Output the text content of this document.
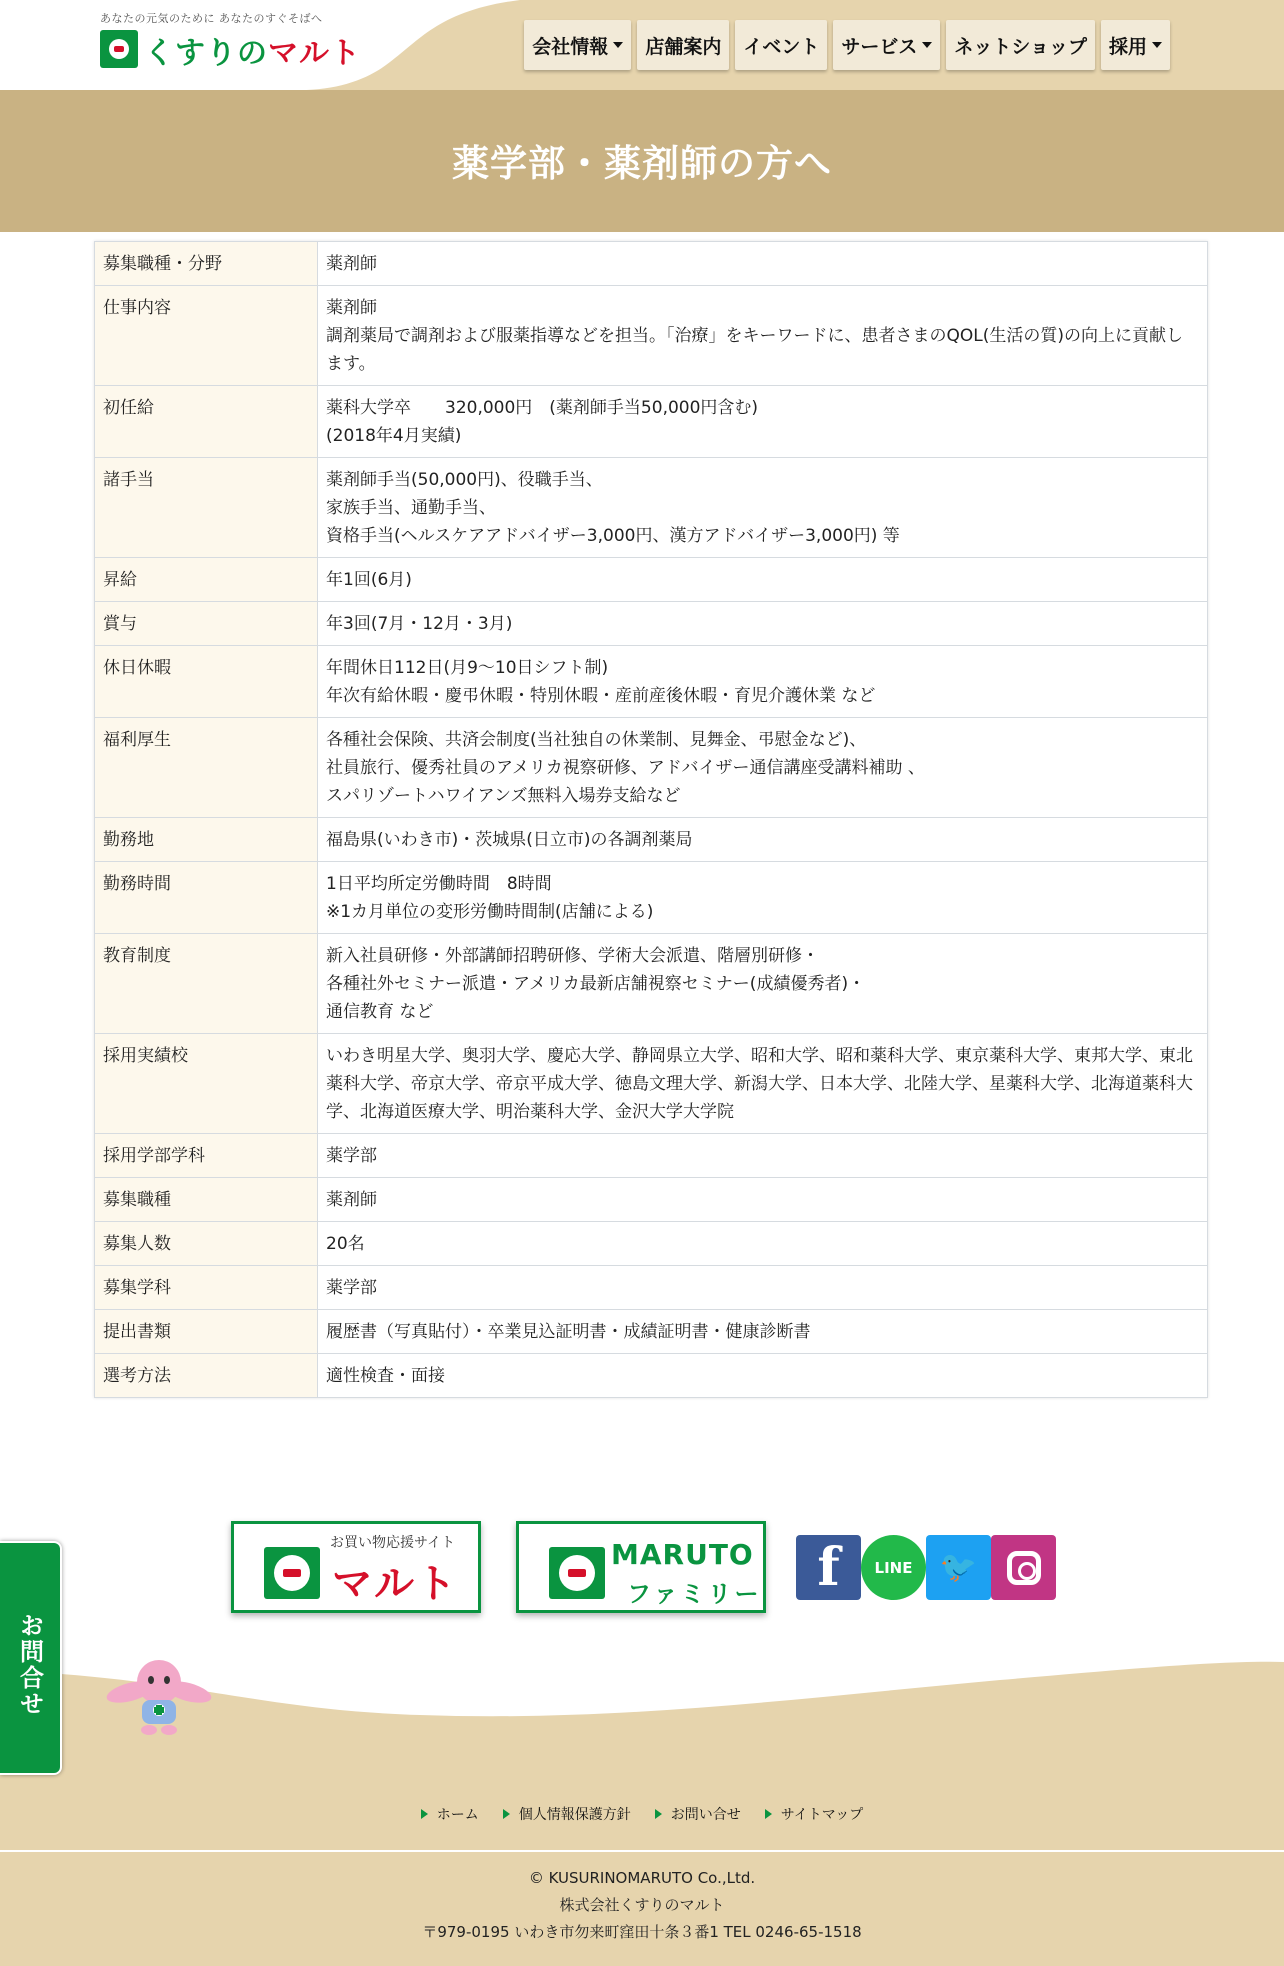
あなたの元気のために あなたのすぐそばへ
くすりのマルト	会社情報 店舗案内 イベント サービス ネットショップ 採用
薬学部・薬剤師の方へ
募集職種・分野	薬剤師
仕事内容	薬剤師
調剤薬局で調剤および服薬指導などを担当。「治療」をキーワードに、患者さまのQOL(生活の質)の向上に貢献します。
初任給	薬科大学卒　　320,000円　(薬剤師手当50,000円含む)
(2018年4月実績)
諸手当	薬剤師手当(50,000円)、役職手当、
家族手当、通勤手当、
資格手当(ヘルスケアアドバイザー3,000円、漢方アドバイザー3,000円) 等
昇給	年1回(6月)
賞与	年3回(7月・12月・3月)
休日休暇	年間休日112日(月9～10日シフト制)
年次有給休暇・慶弔休暇・特別休暇・産前産後休暇・育児介護休業 など
福利厚生	各種社会保険、共済会制度(当社独自の休業制、見舞金、弔慰金など)、
社員旅行、優秀社員のアメリカ視察研修、アドバイザー通信講座受講料補助 、
スパリゾートハワイアンズ無料入場券支給など
勤務地	福島県(いわき市)・茨城県(日立市)の各調剤薬局
勤務時間	1日平均所定労働時間　8時間
※1カ月単位の変形労働時間制(店舗による)
教育制度	新入社員研修・外部講師招聘研修、学術大会派遣、階層別研修・
各種社外セミナー派遣・アメリカ最新店舗視察セミナー(成績優秀者)・
通信教育 など
採用実績校	いわき明星大学、奥羽大学、慶応大学、静岡県立大学、昭和大学、昭和薬科大学、東京薬科大学、東邦大学、東北薬科大学、帝京大学、帝京平成大学、徳島文理大学、新潟大学、日本大学、北陸大学、星薬科大学、北海道薬科大学、北海道医療大学、明治薬科大学、金沢大学大学院
採用学部学科	薬学部
募集職種	薬剤師
募集人数	20名
募集学科	薬学部
提出書類	履歴書（写真貼付）・卒業見込証明書・成績証明書・健康診断書
選考方法	適性検査・面接
お買い物応援サイト
マルト
MARUTO
ファミリー f LINE 🐦
お問合せ
ホーム	個人情報保護方針	お問い合せ	サイトマップ
© KUSURINOMARUTO Co.,Ltd.
株式会社くすりのマルト
〒979-0195 いわき市勿来町窪田十条３番1 TEL 0246-65-1518
